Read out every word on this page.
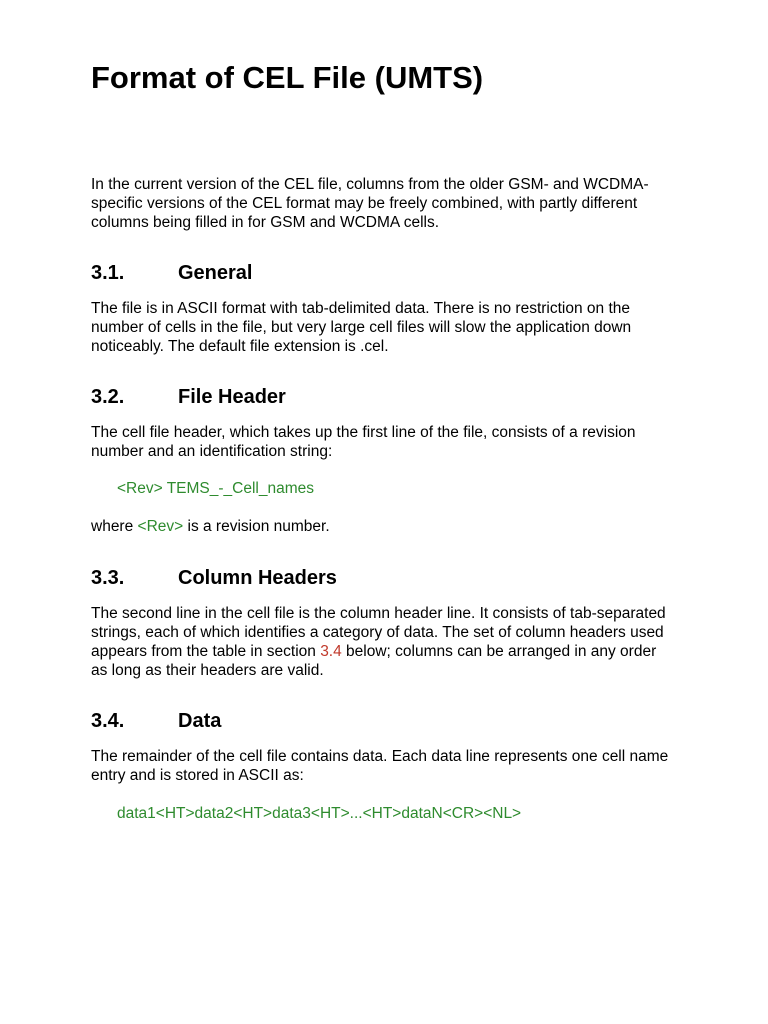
Format of CEL File (UMTS)

In the current version of the CEL file, columns from the older GSM- and WCDMA-specific versions of the CEL format may be freely combined, with partly different columns being filled in for GSM and WCDMA cells.

3.1.	General

The file is in ASCII format with tab-delimited data. There is no restriction on the number of cells in the file, but very large cell files will slow the application down noticeably. The default file extension is .cel.

3.2.	File Header

The cell file header, which takes up the first line of the file, consists of a revision number and an identification string:

<Rev> TEMS_-_Cell_names

where <Rev> is a revision number.

3.3.	Column Headers

The second line in the cell file is the column header line. It consists of tab-separated strings, each of which identifies a category of data. The set of column headers used appears from the table in section 3.4 below; columns can be arranged in any order as long as their headers are valid.

3.4.	Data

The remainder of the cell file contains data. Each data line represents one cell name entry and is stored in ASCII as:

data1<HT>data2<HT>data3<HT>...<HT>dataN<CR><NL>
